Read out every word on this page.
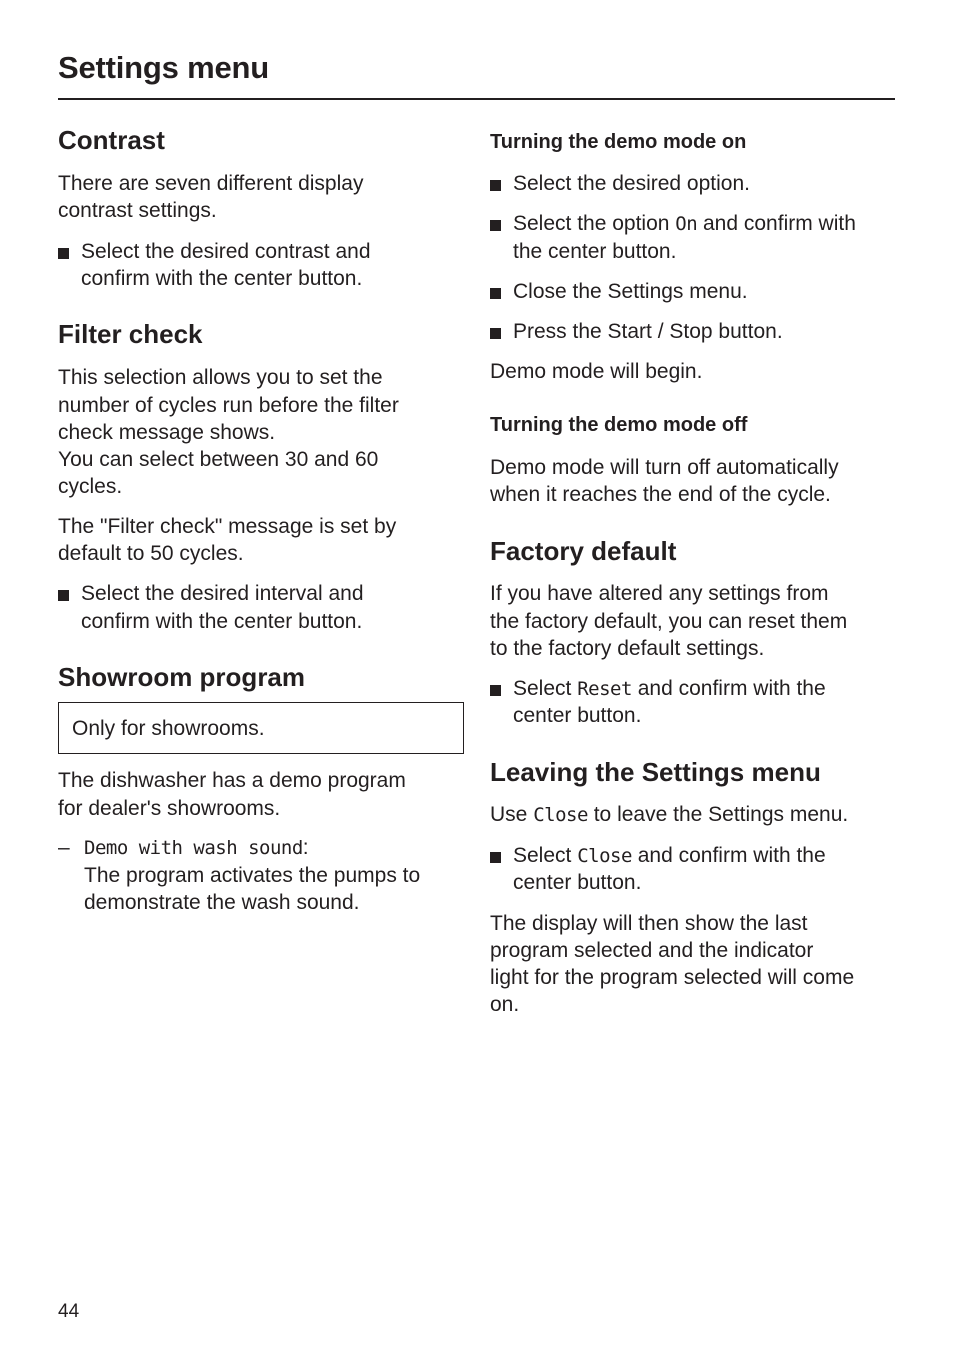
Settings menu
Contrast

There are seven different display

contrast settings.

Select the desired contrast and
confirm with the center button.
Filter check

This selection allows you to set the

number of cycles run before the filter

check message shows.

You can select between 30 and 60

cycles.

The "Filter check" message is set by

default to 50 cycles.

Select the desired interval and
confirm with the center button.
Showroom program
Only for showrooms.

The dishwasher has a demo program

for dealer's showrooms.

– Demo with wash sound:
The program activates the pumps to
demonstrate the wash sound.
Turning the demo mode on
Select the desired option.
Select the option On and confirm with
the center button.
Close the Settings menu.
Press the Start / Stop button.

Demo mode will begin.

Turning the demo mode off

Demo mode will turn off automatically

when it reaches the end of the cycle.

Factory default

If you have altered any settings from

the factory default, you can reset them

to the factory default settings.

Select Reset and confirm with the
center button.
Leaving the Settings menu

Use Close to leave the Settings menu.

Select Close and confirm with the
center button.

The display will then show the last

program selected and the indicator

light for the program selected will come

on.

44
